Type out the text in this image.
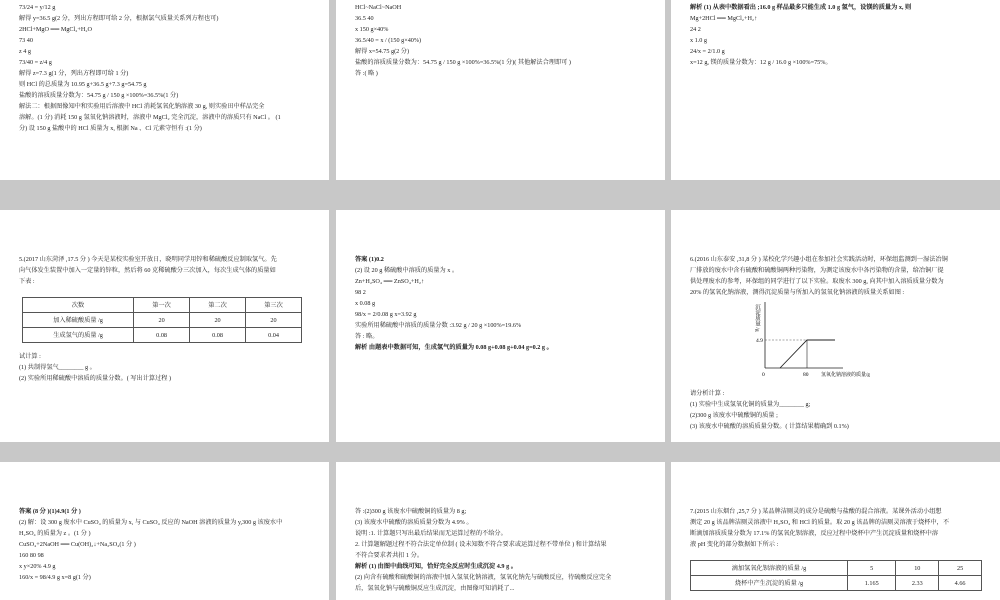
73/24 = y/12 g
解得 y=36.5 g(2 分，列出方程即可给 2 分，根据氯气质量关系列方程也可)
2HCl+MgO ══ MgCl₂+H₂O
73 40
z 4 g
73/40 = z/4 g
解得 z=7.3 g(1 分，列出方程即可给 1 分)
则 HCl 的总质量为 10.95 g+36.5 g+7.3 g=54.75 g
盐酸的溶质质量分数为：54.75 g / 150 g ×100%=36.5%(1 分)
解法二：根据图像知中和实验用后溶液中 HCl 消耗氢氧化钠溶液 30 g, 则实验田中样品完全
溶解。(1 分) 消耗 150 g 氢氧化钠溶液时，溶液中 MgCl₂ 完全沉淀，溶液中的溶质只有 NaCl 。 (1
分) 设 150 g 盐酸中的 HCl 质量为 x, 根据 Na 、Cl 元素守恒有 :(1 分)
HCl~NaCl~NaOH
36.5 40
x 150 g×40%
36.5/40 = x / (150 g×40%)
解得 x=54.75 g(2 分)
盐酸的溶质质量分数为：54.75 g / 150 g ×100%=36.5%(1 分)( 其他解法合理即可 )
答 :( 略 )
解析 (1) 从表中数据看出 ;16.0 g 样品最多只能生成 1.0 g 氢气，设镁的质量为 x, 则
Mg+2HCl ══ MgCl₂+H₂↑
24 2
x 1.0 g
24/x = 2/1.0 g
x=12 g, 镁的质量分数为：12 g / 16.0 g ×100%=75%。
5.(2017 山东菏泽 ,17.5 分 ) 今天是某校实验室开放日，晓明同学用锌和稀硫酸反应制取氢气。先
向气体发生装置中加入一定量的锌粒，然后将 60 克稀硫酸分三次加入，每次生成气体的质量如
下表 :
次数	第一次	第二次	第三次
加入稀硫酸质量 /g	20	20	20
生成氢气的质量 /g	0.08	0.08	0.04
试计算 :
(1) 共制得氢气________ g 。
(2) 实验所用稀硫酸中溶质的质量分数。( 写出计算过程 )
答案 (1)0.2
(2) 设 20 g 稀硫酸中溶质的质量为 x 。
Zn+H₂SO₄ ══ ZnSO₄+H₂↑
98 2
x 0.08 g
98/x = 2/0.08 g x=3.92 g
实验所用稀硫酸中溶质的质量分数 :3.92 g / 20 g ×100%=19.6%
答 : 略。
解析 由题表中数据可知，生成氢气的质量为 0.08 g+0.08 g+0.04 g=0.2 g 。
6.(2016 山东泰安 ,31,8 分 ) 某校化学兴趣小组在参加社会实践活动时，环保组监测到一湿法冶铜
厂排放的废水中含有硫酸和硫酸铜两种污染物，为测定该废水中各污染物的含量，给冶铜厂提
供处理废水的参考，环保组的同学进行了以下实验。取废水 300 g, 向其中加入溶质质量分数为
20% 的氢氧化钠溶液，测得沉淀质量与所加入的氢氧化钠溶液的质量关系如图 :
沉淀质量 /g
4.9
0	80	氢氧化钠溶液的质量/g
请分析计算 :
(1) 实验中生成氢氧化铜的质量为________ g;
(2)300 g 该废水中硫酸铜的质量 ;
(3) 该废水中硫酸的溶质质量分数。( 计算结果精确到 0.1%)
答案 (8 分 )(1)4.9(1 分 )
(2) 解：设 300 g 废水中 CuSO₄ 的质量为 x, 与 CuSO₄ 反应的 NaOH 溶液的质量为 y,300 g 该废水中
H₂SO₄ 的质量为 z 。(1 分 )
CuSO₄+2NaOH ══ Cu(OH)₂↓+Na₂SO₄(1 分 )
160 80 98
x y×20% 4.9 g
160/x = 98/4.9 g x=8 g(1 分)
答 :(2)300 g 该废水中硫酸铜的质量为 8 g;
(3) 该废水中硫酸的溶质质量分数为 4.9% 。
说明 :1. 计算题只写出最后结果而无运算过程的不给分。
2. 计算题解题过程不符合法定单位制 ( 设未知数不符合要求或运算过程不带单位 ) 和计算结果
不符合要求者共扣 1 分。
解析 (1) 由图中曲线可知，恰好完全反应时生成沉淀 4.9 g 。
(2) 向含有硫酸和硫酸铜的溶液中加入氢氧化钠溶液，氢氧化钠先与硫酸反应，待硫酸反应完全
后，氢氧化钠与硫酸铜反应生成沉淀，由图像可知消耗了...
7.(2015 山东烟台 ,25,7 分 ) 某品牌洁厕灵的成分是硫酸与盐酸的混合溶液。某课外活动小组想
测定 20 g 该品牌洁厕灵溶液中 H₂SO₄ 和 HCl 的质量。取 20 g 该品牌的洁厕灵溶液于烧杯中，不
断滴加溶质质量分数为 17.1% 的氢氧化钡溶液，反应过程中烧杯中产生沉淀质量和烧杯中溶
液 pH 变化的部分数据如下所示 :
滴加氢氧化钡溶液的质量 /g	5	10	25
烧杯中产生沉淀的质量 /g	1.165	2.33	4.66
